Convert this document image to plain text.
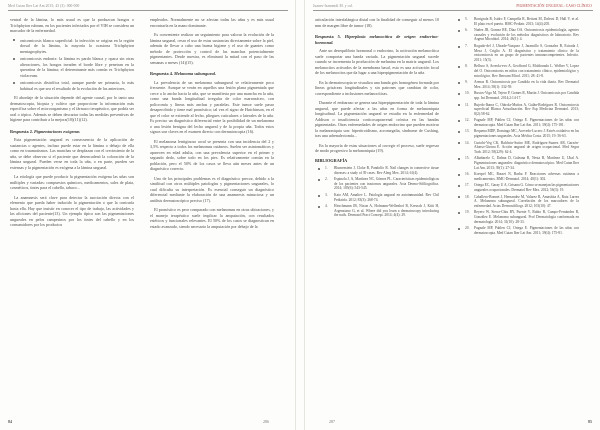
Med Cutan Iber Lat Am 2015; 43 (3): 000-000

ventral de la lámina, lo más usual es que la produzcan hongos o Trichphyton rubrum, en los pacientes infectados por el VIH se considera un marcador de la enfermedad.

onicomicosis blanca superficial: la infección se origina en la región dorsal de la lámina, la mayoría la ocasiona Trichphyton mentagrophytes.
onicomicosis endonix: la lámina es pardo blanca y opaca sin otras alteraciones, los hongos invaden el borde libre y penetran en la queratina de la lámina; el determinante más común es Trichphyton violaceum.
onicomicosis distrófica total, aunque puede ser primaria, lo más habitual es que sea el resultado de la evolución de las anteriores.

El abordaje de la situación depende del agente causal, por lo tanto una dermatoscopia, biopsia y cultivo que proporcione la información más específica sobre el microorganismo y el fármaco terapéutico, que podría ser oral o tópico. Además se deben descartar todas las medidas preventivas de higiene para contribuir a la mejora(10)(11)(12).

Respuesta 2. Pigmentaciones exógenas

Esta pigmentación ungueal es consecuencia de la aplicación de sustancias o agentes, incluso puede estar en la lámina o debajo de ella como en traumatismos. Las manchas se desplazan con el crecimiento de la uña, se debe observar si el paciente que desencadenó la coloración de la lámina ungueal. Pueden verse en toda la uña, o en parte, pueden ser extensas y la pigmentación es exógena a la lámina ungueal.

La etiología que puede producir la pigmentación exógena las uñas son múltiples y variadas: compuestos químicos, medicamentos, sales de plata, cosméticos, tintes para el cabello, tabaco...

La anamnesis será clave para detectar la asociación directa con el elemento que pueda haber inducido la pigmentación o que la contraría hasta ella. Hay que insistir en conocer el tipo de trabajo, las actividades y las aficiones del paciente(13). Un ejemplo típico son las pigmentaciones ungueales en pelos campesinos por los tintes del cabello y en los consumidores por los productos

empleados. Normalmente no se afectan todas las uñas y es más usual encontrarla en la mano dominante.

Es conveniente realizar un seguimiento para valorar la evolución de la lámina ungueal, cesar el uso de estas sustancias directamente sobre la piel, además de llevar a cabo una buena higiene y el uso de guantes como método de protección y control de las manchas potencialmente pigmentantes. Desde nuestra, es eliminará la mitad con el paso de las semanas o meses (14)(15).

Respuesta 4. Melanoma subungueal.

La prevalencia de un melanoma subungueal se relativamente poco frecuente. Aunque se verán en aquellos una lesión plana pigmentada que crece a lo ancho hacia la uña, que se manifiesta por una mancha en la uña, como una banda longitudinal irregular de color marronáceo, con policromía y líneas más anchas y paralelas. Este tumor suele pasar desapercibido y tiene mal pronóstico; tal vez el signo de Hutchinson, en el que el color se extiende al lecho, pliegues cuticulares o laterales de la uña. Es preciso un diagnóstico diferencial entre la posibilidad de un melanoma o una lesión benigna del lecho ungueal y de la propia uña. Todos estos signos son claves en el examen directo con dermatoscopia (16).

El melanoma lentiginoso acral se presenta con una incidencia del 2 y 3,5% respecto a todos los melanomas cutáneos. Suelen ser asintomáticos y aparecen en edad adulta, con una prevalencia superior en el primer y segundo dedo, sobre todo en los pies. Es relativamente común en la población, pero el 50% de los casos se lleva aún meses antes de un diagnóstico correcto.

Uno de los principales problemas es el diagnóstico precoz, debido a la similitud con otros múltiples patologías y pigmentaciones ungueales, lo cual dificulta su interpretación. Es esencial conseguir un diagnóstico diferencial mediante la elaboración de una anamnesis minuciosa y un análisis dermatoscópico preciso (17).

El pronóstico es peor comparado con melanomas en otras ubicaciones, y el manejo terapéutico suele implicar la amputación, con resultados estéticos y funcionales relevantes. El 50% de los casos se diagnostican en estado avanzado, siendo necesario la amputación por debajo de la

84	286
Juanes-Isamendi M. y col.	PIGMENTACIÓN UNGUEAL: CASO CLÍNICO

articulación interfalángica distal con la finalidad de conseguir al menos 10 mm de margen libre de tumor (18).

Respuesta 5. Hiperplasia melanocítica de origen endocrino-hormonal.

Ante un desequilibrio hormonal o endocrino, la activación melanocítica suele comportar una banda variada. La pigmentación ungueal sucede cuando se incrementa la producción de melanina en la matriz ungueal. Los melanocitos activados de la membrana basal, esto es una activación focal de los melanocitos que da lugar a una hiperpigmentación de la uña.

En la dermatoscopia se visualiza una banda gris homogénea formada por líneas grisáceas longitudinales y sin patrones que cambian de color, correspondiente a inclusiones melanocíticas.

Durante el embarazo se genera una hiperpigmentación de toda la lámina ungueal, que puede afectar a las uñas en forma de melanoniquia longitudinal. La pigmentación ungueal se estudia en la enfermedad de Addison o insuficiencia corticosuprarrenal crónica en las bandas pigmentadas. Otras enfermedades de origen endocrino que pueden motivar la melanoniquia son: hipertiroidismo, acromegalia, síndrome de Cushing, tras una adrenalectomía...

En la mayoría de estas situaciones al corregir el proceso, suele regresar de modo progresivo la melanoniquia (19).

BIBLIOGRAFÍA
1.	Blumenstein J, Cloke B, Pandolfo R. Nail changes in connective tissue diseases: a study of 39 cases. Rev Alerg Mex. 2014; 61(4).
2.	Espinola J, A, Martínez NC, Gómez PL. Características epidemiológicas de los pacientes con trastornos ungueales. Acta Dermo-Sifiliográfica. 2014; 105(6): 543-545.
3.	Kato AM, Amaliev L. Patología ungueal en autoinmunidad. Rev Chil Pediatría. 2012; 83(3): 268-74.
4.	Hirschmann JB, Nixon A, Hofmann-Wellenhof R, Kreusch J, Kitti H, Argenziano G, et al. Where did you learn a dermatoscopy introducing the nails. Dermatol Pract Concept. 2014; 4(4): 29.
5.	Bonigrafa R, Isidro F, Campella R, Bettoni M, Dalessi D, Hall V, et al. El plato en el puerto. BMC-Pediatr. 2013; 14(4):205.
6.	Nuñez JR, Gomez RE, Díaz OA. Onicomicosis epidemiología, agentes causales y evolución de los métodos diagnósticos de laboratorio. Rev Argent Microbiol. 2014; 46(1): 4.
7.	Rogado-del J, Ubrade-Vazquez J, Jaramillo S, Gonzalez B, Estrada J, Mesa J, Criglio A. El diagnóstico y tratamiento clínico de la onicomicosis en un grupo de pacientes inmunocompetentes. Infectio. 2011; 15(3).
8.	Bellsoo S, Arreola-evo A, Geoffrard G, Moldonado L. Wolber V, Lopez del O. Onicomicosis en niños con tratamiento clínico, epidemiológico y micológico. Rev Iberoam Micol. 2011; 28: 41-8.
9.	Arenas R. Onicomicosis por Candida en la vida diaria. Rev Dermatol Mex. 2014; 58(1): 332-59.
10.	Bustos-Vigo M, Tejero P, Gomes R, Martin J. Onicomicosis por Candida spp. Int Dermatol. 2014;2:14-17.
11.	Bujedo-Ibarra C, Otárola-Muñoz A, Galán-Rodríguez R. Onicomicosis superficial Blanca Actualización. Rev Esp Medicina Dermatol. 2013; 8(2):58-62.
12.	Pugnale MP, Pahlen CJ, Ortega E. Pigmentaciones de las uñas con dermatoscopia. Med Cutan Iber Lat Am. 2011; 39(4): 175-181.
13.	Requena MDP, Domingo MC, Acevedo-Lucero J. Estrés oxidativo en las pigmentaciones ungueales. Acta Médica Costa. 2015; 19: 56-63.
14.	Curtobi-Veg CK, Baldwin-Suttro ME, Rodríguez-Suarez AR, Garzón-Alonso-Girona E. Acción ungueal de origen ocupacional. Med Segur Trab. 2012; 58(229): 62-4.
15.	Albañarelo C, Dalma D, Galeana R, Nesta R, Martínez U, Ubal A. Pigmentaciones ungueales: diagnóstico dermatoscópico. Med Cutan Iber Lat Am. 2013; 39(1): 27-34.
16.	Koerpel MC, Basset N, Barba F. Reacciones adversas cutáneas a medicamentos. BMC-Dermatol. 2014; 40(1): 302.
17.	Ortega EC, Garay U A, Grisana G. Cómo se manejan las pigmentaciones ungueales ocupacionales. Dermatol Rev Mex. 2012; 56(3): 19.
18.	Caballero-Bonnet J, Hernandez M, Valarez R, Amashita A, Ruiz Larrea A. Melanoma subungueal. Correlación de los marcadores de la enfermedad. Actas Dermosifiliogr. 2012; 103(10): 47.
19.	Reyero W, Sierra-Chiu RY, Puente V, Rubio R, Campo-Fernández R, González E. Melanoma subungueal. Prof Dermatología conformada en dermatología. 2014; 31(10): 28-33.
20.	Pugnale MP, Pahlen CJ, Ortega E. Pigmentaciones de las uñas con dermatoscopia. Med Cutan Iber Lat Am. 2011; 39(4): 175-81.
287	85
